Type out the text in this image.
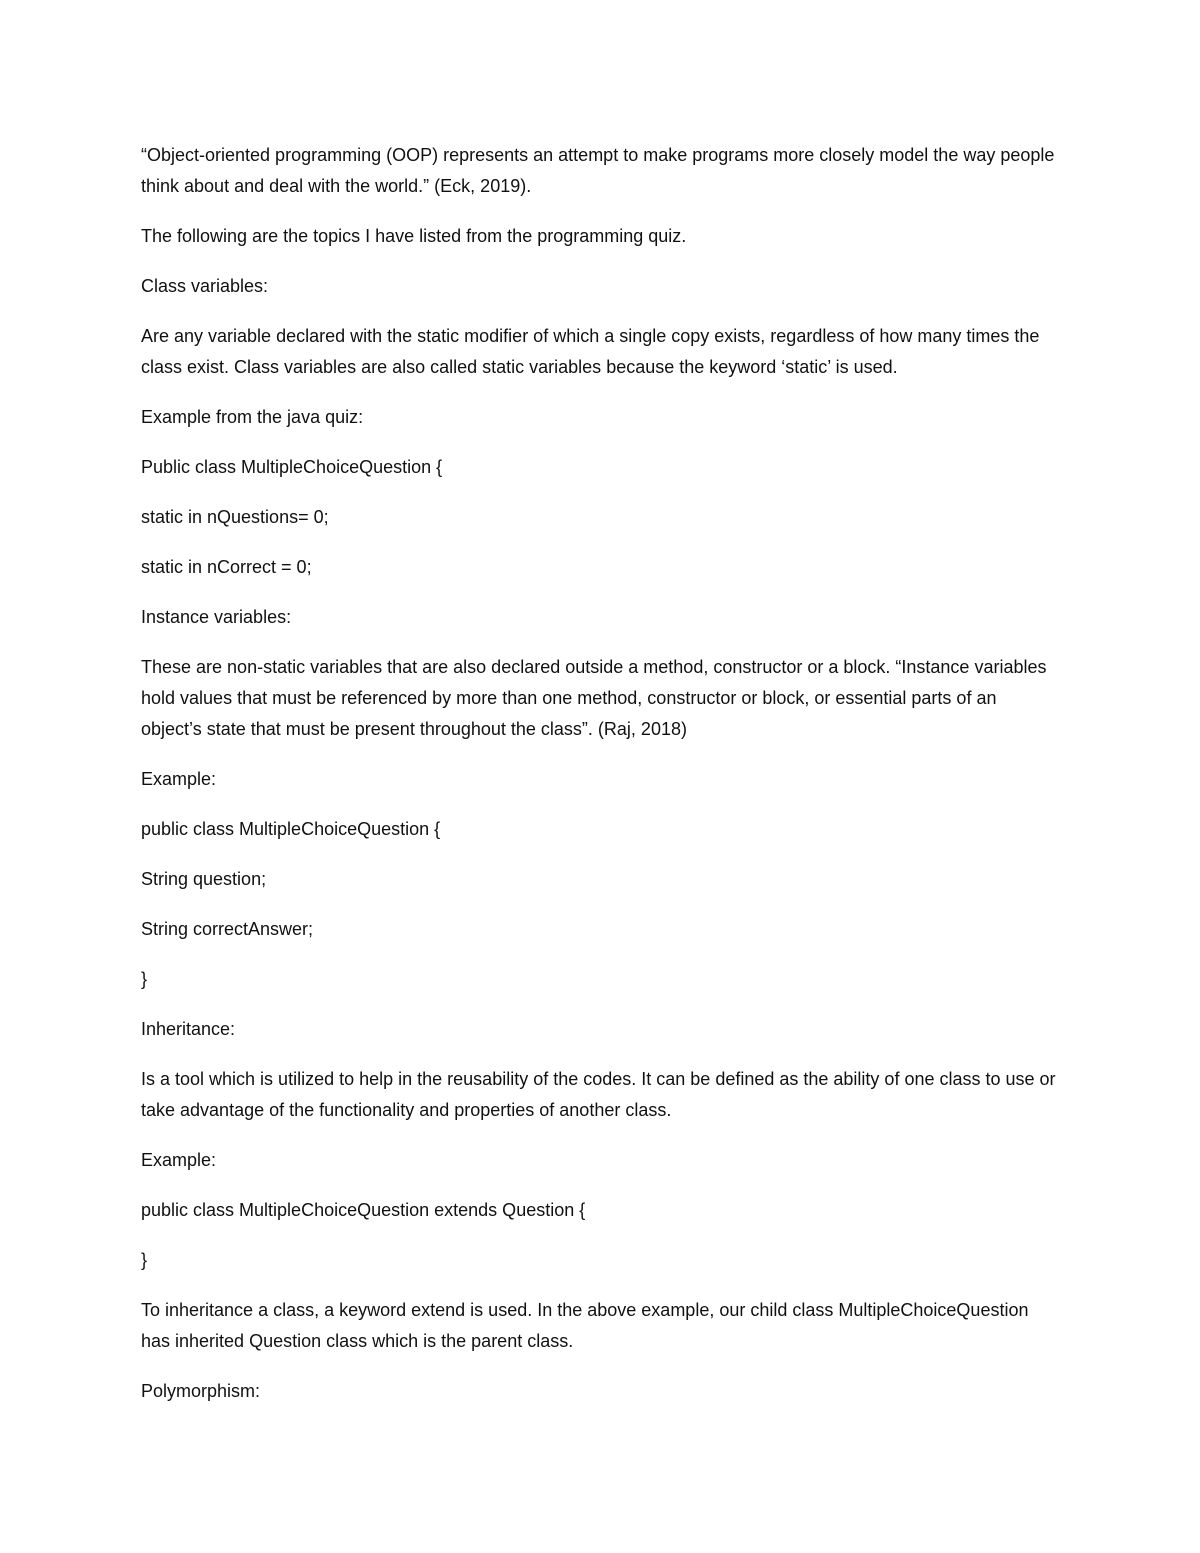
“Object-oriented programming (OOP) represents an attempt to make programs more closely model the way people think about and deal with the world.” (Eck, 2019).

The following are the topics I have listed from the programming quiz.

Class variables:

Are any variable declared with the static modifier of which a single copy exists, regardless of how many times the class exist. Class variables are also called static variables because the keyword ‘static’ is used.

Example from the java quiz:

Public class MultipleChoiceQuestion {

static in nQuestions= 0;

static in nCorrect = 0;

Instance variables:

These are non-static variables that are also declared outside a method, constructor or a block. “Instance variables hold values that must be referenced by more than one method, constructor or block, or essential parts of an object’s state that must be present throughout the class”. (Raj, 2018)

Example:

public class MultipleChoiceQuestion {

String question;

String correctAnswer;

}

Inheritance:

Is a tool which is utilized to help in the reusability of the codes. It can be defined as the ability of one class to use or take advantage of the functionality and properties of another class.

Example:

public class MultipleChoiceQuestion extends Question {

}

To inheritance a class, a keyword extend is used. In the above example, our child class MultipleChoiceQuestion has inherited Question class which is the parent class.

Polymorphism:
